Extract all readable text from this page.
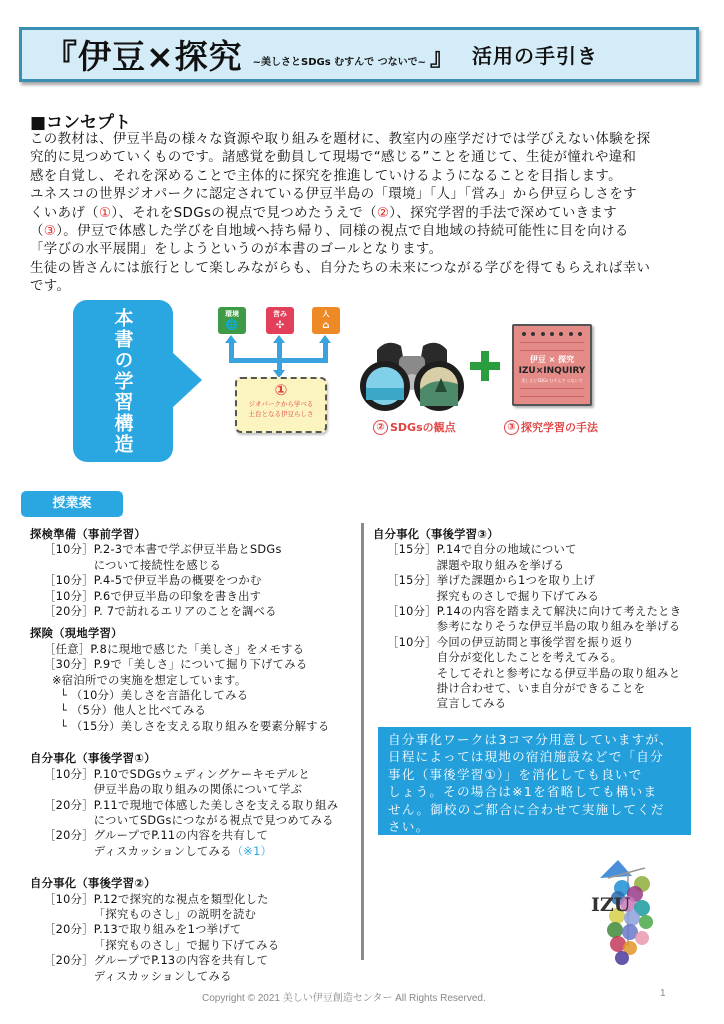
『伊豆×探究 ~美しさとSDGs むすんで つないで~ 』 活用の手引き
■コンセプト

この教材は、伊豆半島の様々な資源や取り組みを題材に、教室内の座学だけでは学びえない体験を探

究的に見つめていくものです。諸感覚を動員して現場で“感じる”ことを通じて、生徒が憧れや違和

感を自覚し、それを深めることで主体的に探究を推進していけるようになることを目指します。

ユネスコの世界ジオパークに認定されている伊豆半島の「環境」「人」「営み」から伊豆らしさをす

くいあげ（①）、それをSDGsの視点で見つめたうえで（②）、探究学習的手法で深めていきます

（③）。伊豆で体感した学びを自地域へ持ち帰り、同様の視点で自地域の持続可能性に目を向ける

「学びの水平展開」をしようというのが本書のゴールとなります。

生徒の皆さんには旅行として楽しみながらも、自分たちの未来につながる学びを得てもらえれば幸い

です。

本書の学習構造	環境
🌐
営み
✣
人
⌂
①
ジオパークから学べる
土台となる伊豆らしさ
伊豆 × 探究
IZU×INQUIRY
美しさとSDGs むすんで つないで
② SDGsの観点	③ 探究学習の手法
授業案
探検準備（事前学習）
［10分］ P.2-3で本書で学ぶ伊豆半島とSDGs
について接続性を感じる
［10分］ P.4-5で伊豆半島の概要をつかむ
［10分］ P.6で伊豆半島の印象を書き出す
［20分］ P. 7で訪れるエリアのことを調べる
探険（現地学習）
［任意］ P.8に現地で感じた「美しさ」をメモする
［30分］ P.9で「美しさ」について掘り下げてみる
※宿泊所での実施を想定しています。
└ （10分）美しさを言語化してみる
└ （5分）他人と比べてみる
└ （15分）美しさを支える取り組みを要素分解する
自分事化（事後学習①）
［10分］ P.10でSDGsウェディングケーキモデルと
伊豆半島の取り組みの関係について学ぶ
［20分］ P.11で現地で体感した美しさを支える取り組み
についてSDGsにつながる視点で見つめてみる
［20分］ グループでP.11の内容を共有して
ディスカッションしてみる（※1）
自分事化（事後学習②）
［10分］ P.12で探究的な視点を類型化した
「探究ものさし」の説明を読む
［20分］ P.13で取り組みを1つ挙げて
「探究ものさし」で掘り下げてみる
［20分］ グループでP.13の内容を共有して
ディスカッションしてみる
自分事化（事後学習③）
［15分］ P.14で自分の地域について
課題や取り組みを挙げる
［15分］ 挙げた課題から1つを取り上げ
探究ものさしで掘り下げてみる
［10分］ P.14の内容を踏まえて解決に向けて考えたとき
参考になりそうな伊豆半島の取り組みを挙げる
［10分］ 今回の伊豆訪問と事後学習を振り返り
自分が変化したことを考えてみる。
そしてそれと参考になる伊豆半島の取り組みと
掛け合わせて、いま自分ができることを
宣言してみる
自分事化ワークは3コマ分用意していますが、
日程によっては現地の宿泊施設などで「自分
事化（事後学習①）」を消化しても良いで
しょう。その場合は※1を省略しても構いま
せん。御校のご都合に合わせて実施してくだ
さい。
IZU
Copyright © 2021 美しい伊豆創造センター All Rights Reserved.	1
